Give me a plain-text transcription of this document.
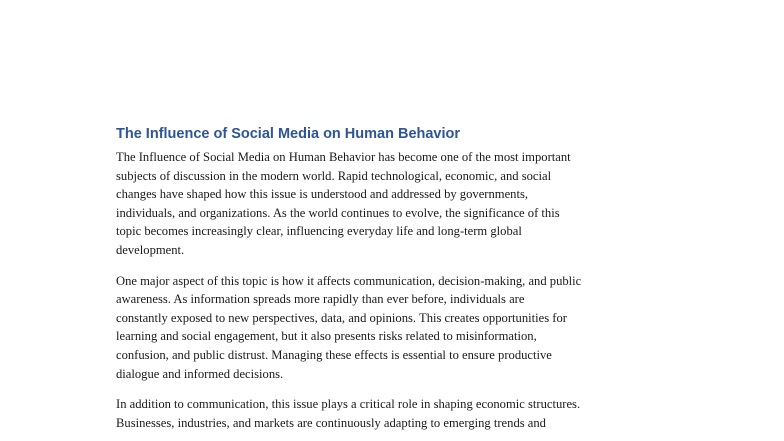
The Influence of Social Media on Human Behavior

The Influence of Social Media on Human Behavior has become one of the most important
subjects of discussion in the modern world. Rapid technological, economic, and social
changes have shaped how this issue is understood and addressed by governments,
individuals, and organizations. As the world continues to evolve, the significance of this
topic becomes increasingly clear, influencing everyday life and long-term global
development.

One major aspect of this topic is how it affects communication, decision-making, and public
awareness. As information spreads more rapidly than ever before, individuals are
constantly exposed to new perspectives, data, and opinions. This creates opportunities for
learning and social engagement, but it also presents risks related to misinformation,
confusion, and public distrust. Managing these effects is essential to ensure productive
dialogue and informed decisions.

In addition to communication, this issue plays a critical role in shaping economic structures.
Businesses, industries, and markets are continuously adapting to emerging trends and
